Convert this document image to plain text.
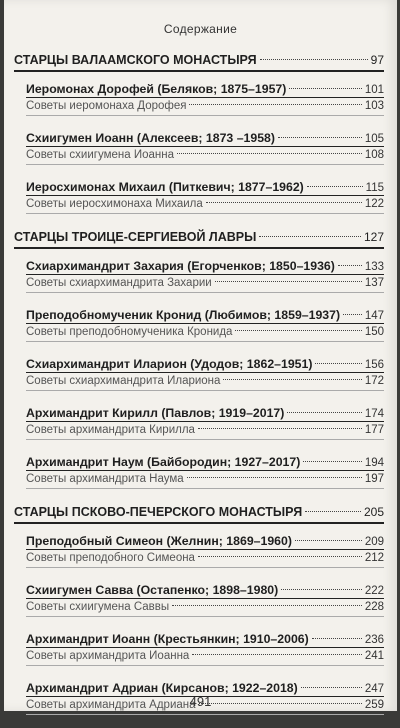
Содержание
СТАРЦЫ ВАЛААМСКОГО МОНАСТЫРЯ	97
Иеромонах Дорофей (Беляков; 1875–1957)	101
Советы иеромонаха Дорофея	103
Схиигумен Иоанн (Алексеев; 1873 –1958)	105
Советы схиигумена Иоанна	108
Иеросхимонах Михаил (Питкевич; 1877–1962)	115
Советы иеросхимонаха Михаила	122
СТАРЦЫ ТРОИЦЕ-СЕРГИЕВОЙ ЛАВРЫ	127
Схиархимандрит Захария (Егорченков; 1850–1936)	133
Советы схиархимандрита Захарии	137
Преподобномученик Кронид (Любимов; 1859–1937) 147
Советы преподобномученика Кронида	150
Схиархимандрит Иларион (Удодов; 1862–1951)	156
Советы схиархимандрита Илариона	172
Архимандрит Кирилл (Павлов; 1919–2017)	174
Советы архимандрита Кирилла	177
Архимандрит Наум (Байбородин; 1927–2017)	194
Советы архимандрита Наума	197
СТАРЦЫ ПСКОВО-ПЕЧЕРСКОГО МОНАСТЫРЯ	205
Преподобный Симеон (Желнин; 1869–1960)	209
Советы преподобного Симеона	212
Схиигумен Савва (Остапенко; 1898–1980)	222
Советы схиигумена Саввы	228
Архимандрит Иоанн (Крестьянкин; 1910–2006)	236
Советы архимандрита Иоанна	241
Архимандрит Адриан (Кирсанов; 1922–2018)	247
Советы архимандрита Адриана	259
491
